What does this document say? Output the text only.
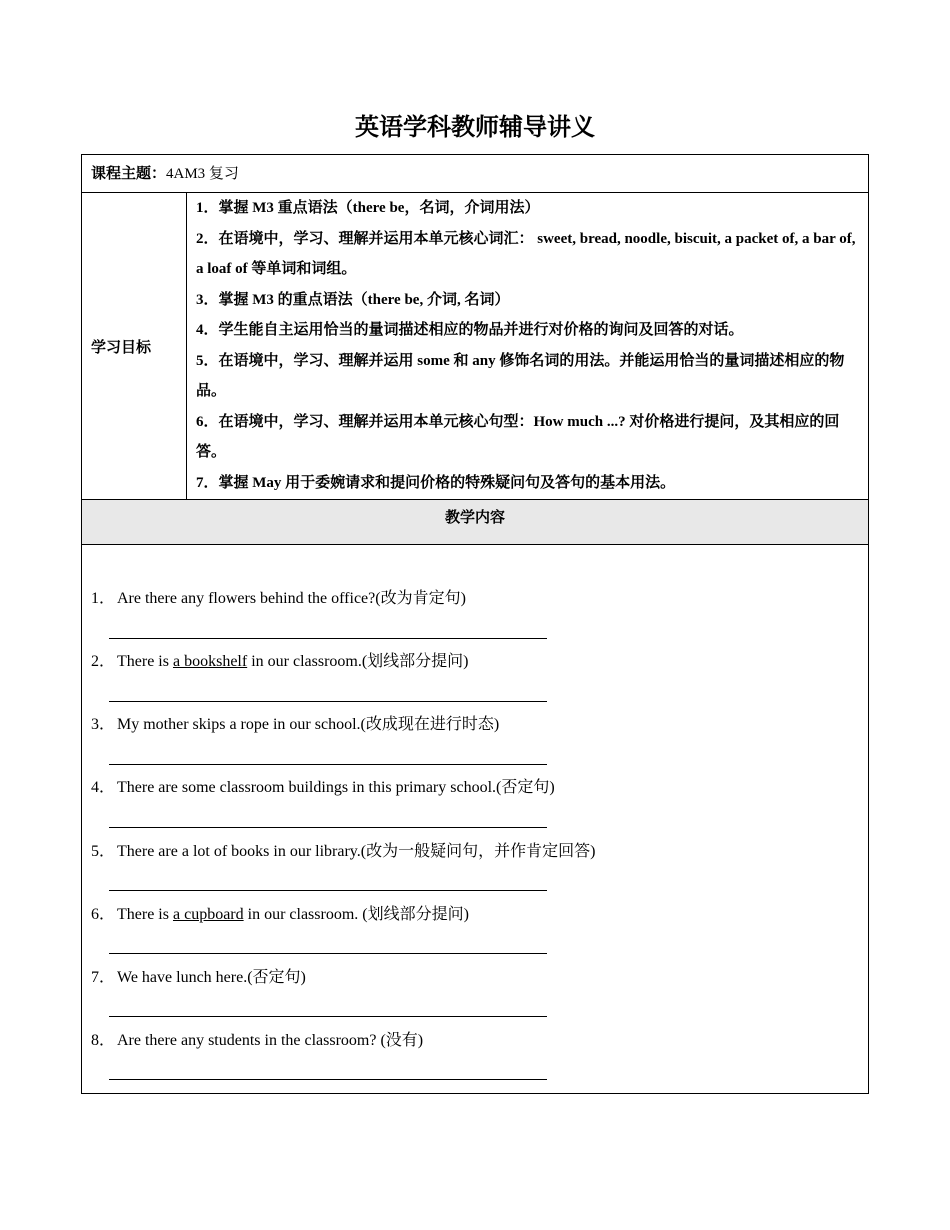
英语学科教师辅导讲义
课程主题：4AM3 复习
学习目标

1．掌握 M3 重点语法（there be，名词，介词用法）

2．在语境中，学习、理解并运用本单元核心词汇： sweet, bread, noodle, biscuit, a packet of, a bar of, a loaf of 等单词和词组。

3．掌握 M3 的重点语法（there be, 介词, 名词）

4．学生能自主运用恰当的量词描述相应的物品并进行对价格的询问及回答的对话。

5．在语境中，学习、理解并运用 some 和 any 修饰名词的用法。并能运用恰当的量词描述相应的物品。

6．在语境中，学习、理解并运用本单元核心句型：How much ...? 对价格进行提问，及其相应的回答。

7．掌握 May 用于委婉请求和提问价格的特殊疑问句及答句的基本用法。

教学内容
1． Are there any flowers behind the office?(改为肯定句)
2． There is a bookshelf in our classroom.(划线部分提问)
3． My mother skips a rope in our school.(改成现在进行时态)
4． There are some classroom buildings in this primary school.(否定句)
5． There are a lot of books in our library.(改为一般疑问句，并作肯定回答)
6． There is a cupboard in our classroom. (划线部分提问)
7． We have lunch here.(否定句)
8． Are there any students in the classroom? (没有)
